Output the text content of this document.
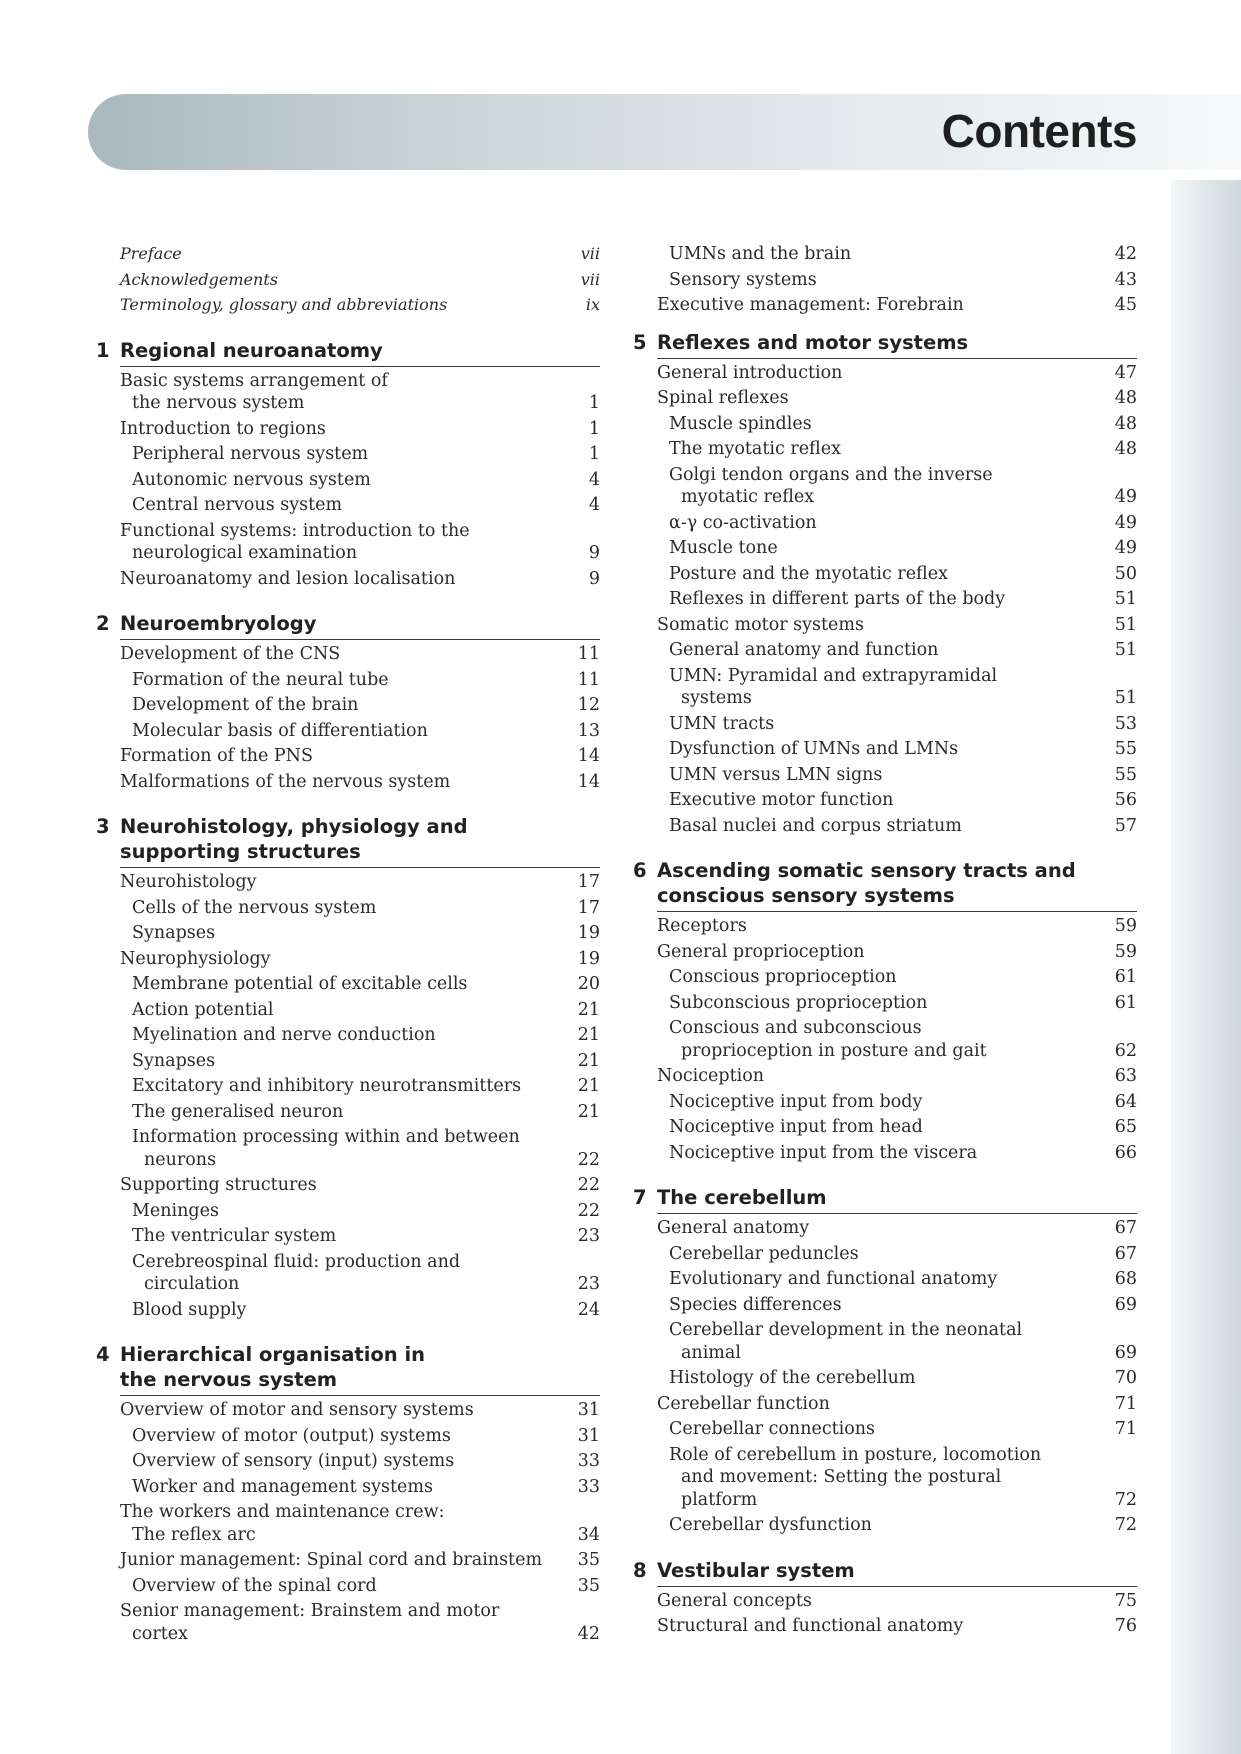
Contents
Preface	vii
Acknowledgements	vii
Terminology, glossary and abbreviations	ix
1 Regional neuroanatomy
Basic systems arrangement of
the nervous system	1
Introduction to regions	1
Peripheral nervous system	1
Autonomic nervous system	4
Central nervous system	4
Functional systems: introduction to the
neurological examination	9
Neuroanatomy and lesion localisation	9
2 Neuroembryology
Development of the CNS	11
Formation of the neural tube	11
Development of the brain	12
Molecular basis of differentiation	13
Formation of the PNS	14
Malformations of the nervous system	14
3 Neurohistology, physiology and
supporting structures
Neurohistology	17
Cells of the nervous system	17
Synapses	19
Neurophysiology	19
Membrane potential of excitable cells	20
Action potential	21
Myelination and nerve conduction	21
Synapses	21
Excitatory and inhibitory neurotransmitters	21
The generalised neuron	21
Information processing within and between
neurons	22
Supporting structures	22
Meninges	22
The ventricular system	23
Cerebreospinal fluid: production and
circulation	23
Blood supply	24
4 Hierarchical organisation in
the nervous system
Overview of motor and sensory systems	31
Overview of motor (output) systems	31
Overview of sensory (input) systems	33
Worker and management systems	33
The workers and maintenance crew:
The reflex arc	34
Junior management: Spinal cord and brainstem	35
Overview of the spinal cord	35
Senior management: Brainstem and motor
cortex	42
UMNs and the brain	42
Sensory systems	43
Executive management: Forebrain	45
5 Reflexes and motor systems
General introduction	47
Spinal reflexes	48
Muscle spindles	48
The myotatic reflex	48
Golgi tendon organs and the inverse
myotatic reflex	49
α-γ co-activation	49
Muscle tone	49
Posture and the myotatic reflex	50
Reflexes in different parts of the body	51
Somatic motor systems	51
General anatomy and function	51
UMN: Pyramidal and extrapyramidal
systems	51
UMN tracts	53
Dysfunction of UMNs and LMNs	55
UMN versus LMN signs	55
Executive motor function	56
Basal nuclei and corpus striatum	57
6 Ascending somatic sensory tracts and
conscious sensory systems
Receptors	59
General proprioception	59
Conscious proprioception	61
Subconscious proprioception	61
Conscious and subconscious
proprioception in posture and gait	62
Nociception	63
Nociceptive input from body	64
Nociceptive input from head	65
Nociceptive input from the viscera	66
7 The cerebellum
General anatomy	67
Cerebellar peduncles	67
Evolutionary and functional anatomy	68
Species differences	69
Cerebellar development in the neonatal
animal	69
Histology of the cerebellum	70
Cerebellar function	71
Cerebellar connections	71
Role of cerebellum in posture, locomotion
and movement: Setting the postural
platform	72
Cerebellar dysfunction	72
8 Vestibular system
General concepts	75
Structural and functional anatomy	76
